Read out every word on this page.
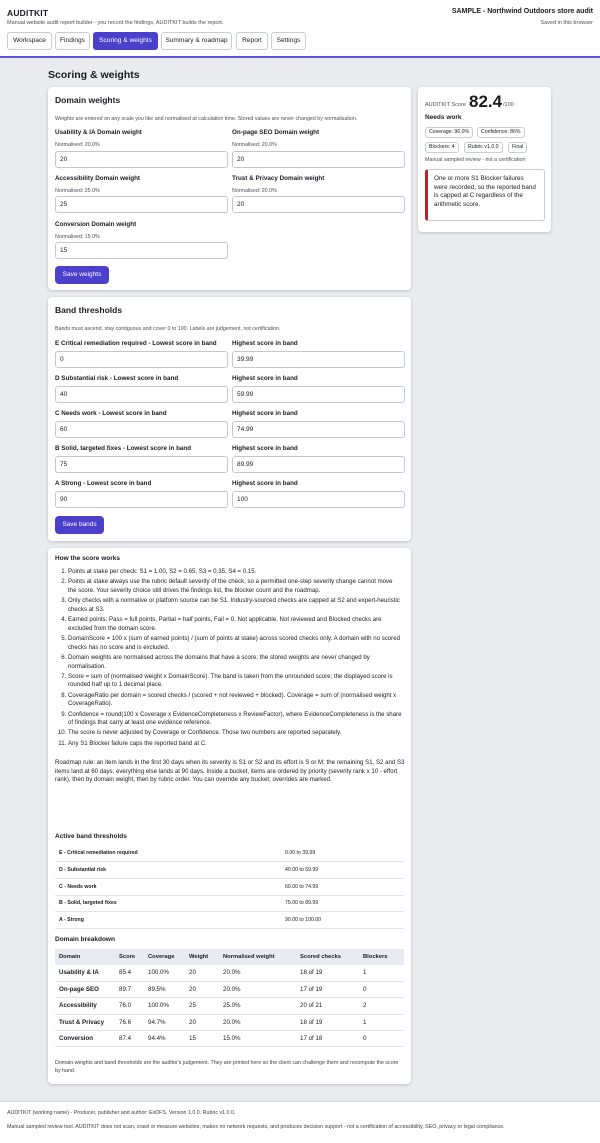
AUDITKIT
Manual website audit report builder - you record the findings, AUDITKIT builds the report.
SAMPLE - Northwind Outdoors store audit
Saved in this browser
Workspace	Findings	Scoring & weights	Summary & roadmap	Report	Settings
Scoring & weights
Domain weights
Weights are entered on any scale you like and normalised at calculation time. Stored values are never changed by normalisation.
Usability & IA Domain weight
Normalised: 20.0%
20
On-page SEO Domain weight
Normalised: 20.0%
20
Accessibility Domain weight
Normalised: 25.0%
25
Trust & Privacy Domain weight
Normalised: 20.0%
20
Conversion Domain weight
Normalised: 15.0%
15
Save weights
AUDITKIT Score 82.4 /100
Needs work
Coverage: 96.0%	Confidence: 86%
Blockers: 4	Rubric v1.0.0	Final
Manual sampled review - not a certification
One or more S1 Blocker failures were recorded, so the reported band is capped at C regardless of the arithmetic score.
Band thresholds
Bands must ascend, stay contiguous and cover 0 to 100. Labels are judgement, not certification.
E Critical remediation required - Lowest score in band Highest score in band
0	39.99
D Substantial risk - Lowest score in band	Highest score in band
40	59.99
C Needs work - Lowest score in band	Highest score in band
60	74.99
B Solid, targeted fixes - Lowest score in band	Highest score in band
75	89.99
A Strong - Lowest score in band	Highest score in band
90	100
Save bands
How the score works
1. Points at stake per check: S1 = 1.00, S2 = 0.65, S3 = 0.35, S4 = 0.15.
2. Points at stake always use the rubric default severity of the check, so a permitted one-step severity change cannot move the score. Your severity choice still drives the findings list, the blocker count and the roadmap.
3. Only checks with a normative or platform source can be S1. Industry-sourced checks are capped at S2 and expert-heuristic checks at S3.
4. Earned points: Pass = full points, Partial = half points, Fail = 0. Not applicable, Not reviewed and Blocked checks are excluded from the domain score.
5. DomainScore = 100 x (sum of earned points) / (sum of points at stake) across scored checks only. A domain with no scored checks has no score and is excluded.
6. Domain weights are normalised across the domains that have a score; the stored weights are never changed by normalisation.
7. Score = sum of (normalised weight x DomainScore). The band is taken from the unrounded score; the displayed score is rounded half up to 1 decimal place.
8. CoverageRatio per domain = scored checks / (scored + not reviewed + blocked). Coverage = sum of (normalised weight x CoverageRatio).
9. Confidence = round(100 x Coverage x EvidenceCompleteness x ReviewFactor), where EvidenceCompleteness is the share of findings that carry at least one evidence reference.
10. The score is never adjusted by Coverage or Confidence. Those two numbers are reported separately.
11. Any S1 Blocker failure caps the reported band at C.
Roadmap rule: an item lands in the first 30 days when its severity is S1 or S2 and its effort is S or M; the remaining S1, S2 and S3 items land at 60 days; everything else lands at 90 days. Inside a bucket, items are ordered by priority (severity rank x 10 - effort rank), then by domain weight, then by rubric order. You can override any bucket; overrides are marked.
Active band thresholds
E - Critical remediation required	0.00 to 39.99
D - Substantial risk	40.00 to 59.99
C - Needs work	60.00 to 74.99
B - Solid, targeted fixes	75.00 to 89.99
A - Strong	90.00 to 100.00
Domain breakdown
Domain	Score	Coverage	Weight	Normalised weight	Scored checks	Blockers
Usability & IA	85.4	100.0%	20	20.0%	18 of 19	1
On-page SEO	89.7	89.5%	20	20.0%	17 of 19	0
Accessibility	76.0	100.0%	25	25.0%	20 of 21	2
Trust & Privacy	76.6	94.7%	20	20.0%	18 of 19	1
Conversion	87.4	94.4%	15	15.0%	17 of 18	0
Domain weights and band thresholds are the auditor's judgement. They are printed here so the client can challenge them and recompute the score by hand.
AUDITKIT (working name) - Producer, publisher and author: ExDFS. Version 1.0.0. Rubric v1.0.0.
Manual sampled review tool. AUDITKIT does not scan, crawl or measure websites, makes no network requests, and produces decision support - not a certification of accessibility, SEO, privacy or legal compliance.
